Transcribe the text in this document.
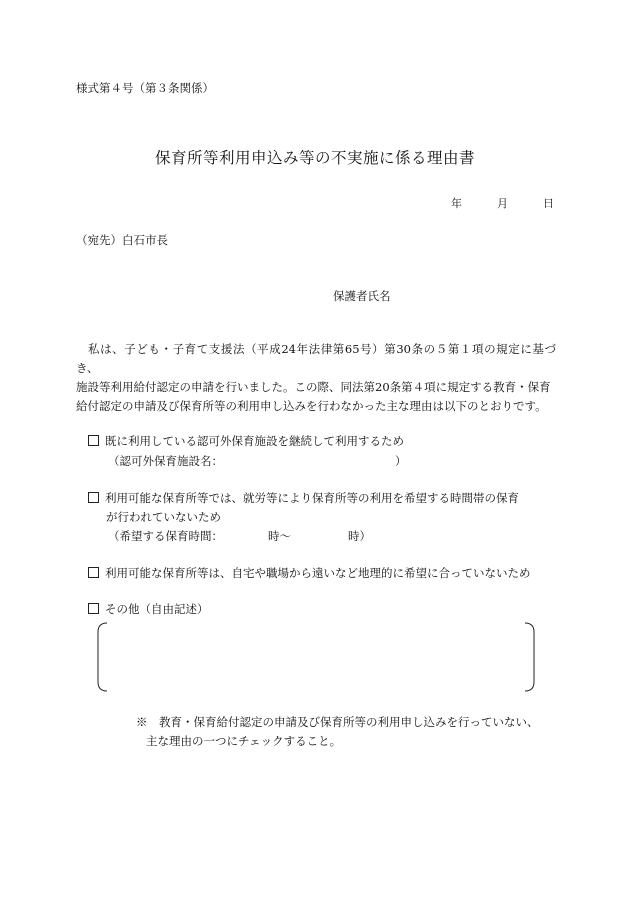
様式第４号（第３条関係）
保育所等利用申込み等の不実施に係る理由書
年	月	日
（宛先）白石市長
保護者氏名

私は、子ども・子育て支援法（平成24年法律第65号）第30条の５第１項の規定に基づき、

施設等利用給付認定の申請を行いました。この際、同法第20条第４項に規定する教育・保育

給付認定の申請及び保育所等の利用申し込みを行わなかった主な理由は以下のとおりです。

既に利用している認可外保育施設を継続して利用するため
（認可外保育施設名：	）
利用可能な保育所等では、就労等により保育所等の利用を希望する時間帯の保育
が行われていないため
（希望する保育時間：	時～	時）
利用可能な保育所等は、自宅や職場から遠いなど地理的に希望に合っていないため
その他（自由記述）
※　 教育・保育給付認定の申請及び保育所等の利用申し込みを行っていない、
主な理由の一つにチェックすること。
